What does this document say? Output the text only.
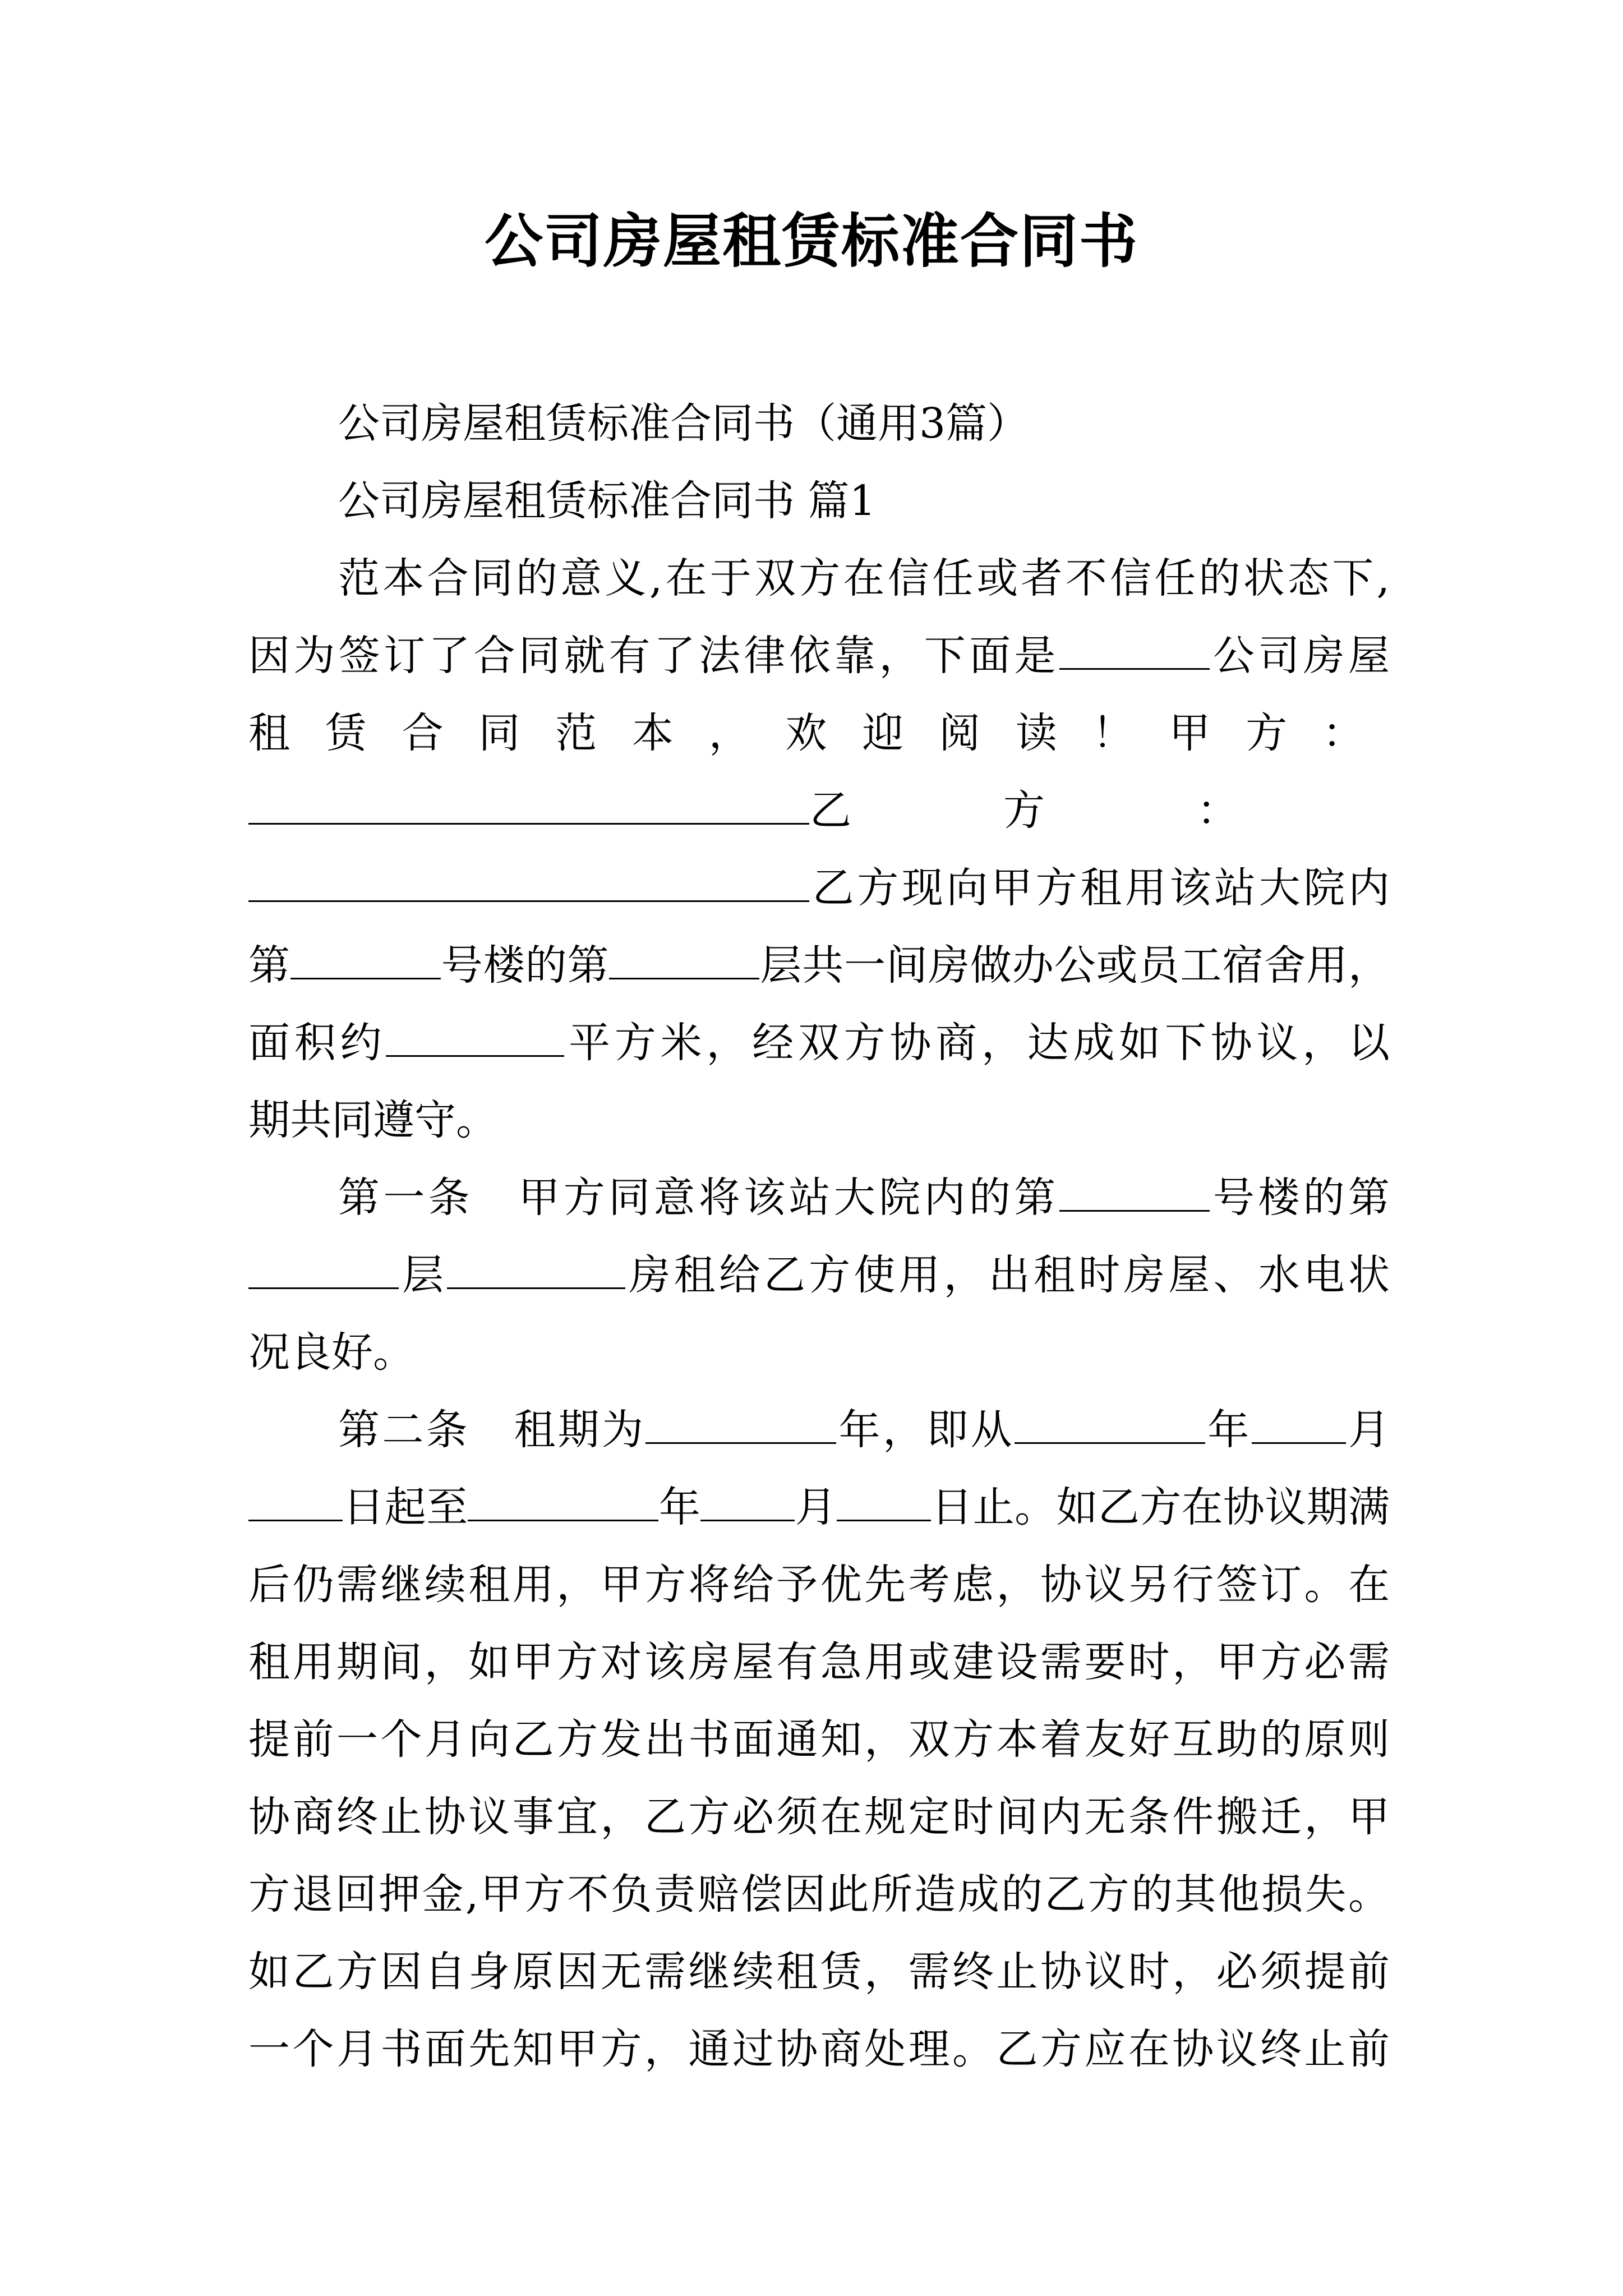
公司房屋租赁标准合同书
公司房屋租赁标准合同书（通用3篇）
公司房屋租赁标准合同书 篇1
范本合同的意义,在于双方在信任或者不信任的状态下,
因为签订了合同就有了法律依靠，下面是	公司房屋
租赁合同范本，欢迎阅读！甲方：
乙方：
乙方现向甲方租用该站大院内
第	号楼的第	层共一间房做办公或员工宿舍用，
面积约	平方米，经双方协商，达成如下协议，以
期共同遵守。
第一条　甲方同意将该站大院内的第	号楼的第
层	房租给乙方使用，出租时房屋、水电状
况良好。
第二条　租期为	年，即从	年 月
日起至	年 月 日止。如乙方在协议期满
后仍需继续租用，甲方将给予优先考虑，协议另行签订。在
租用期间，如甲方对该房屋有急用或建设需要时，甲方必需
提前一个月向乙方发出书面通知，双方本着友好互助的原则
协商终止协议事宜，乙方必须在规定时间内无条件搬迁，甲
方退回押金,甲方不负责赔偿因此所造成的乙方的其他损失。
如乙方因自身原因无需继续租赁，需终止协议时，必须提前
一个月书面先知甲方，通过协商处理。乙方应在协议终止前
